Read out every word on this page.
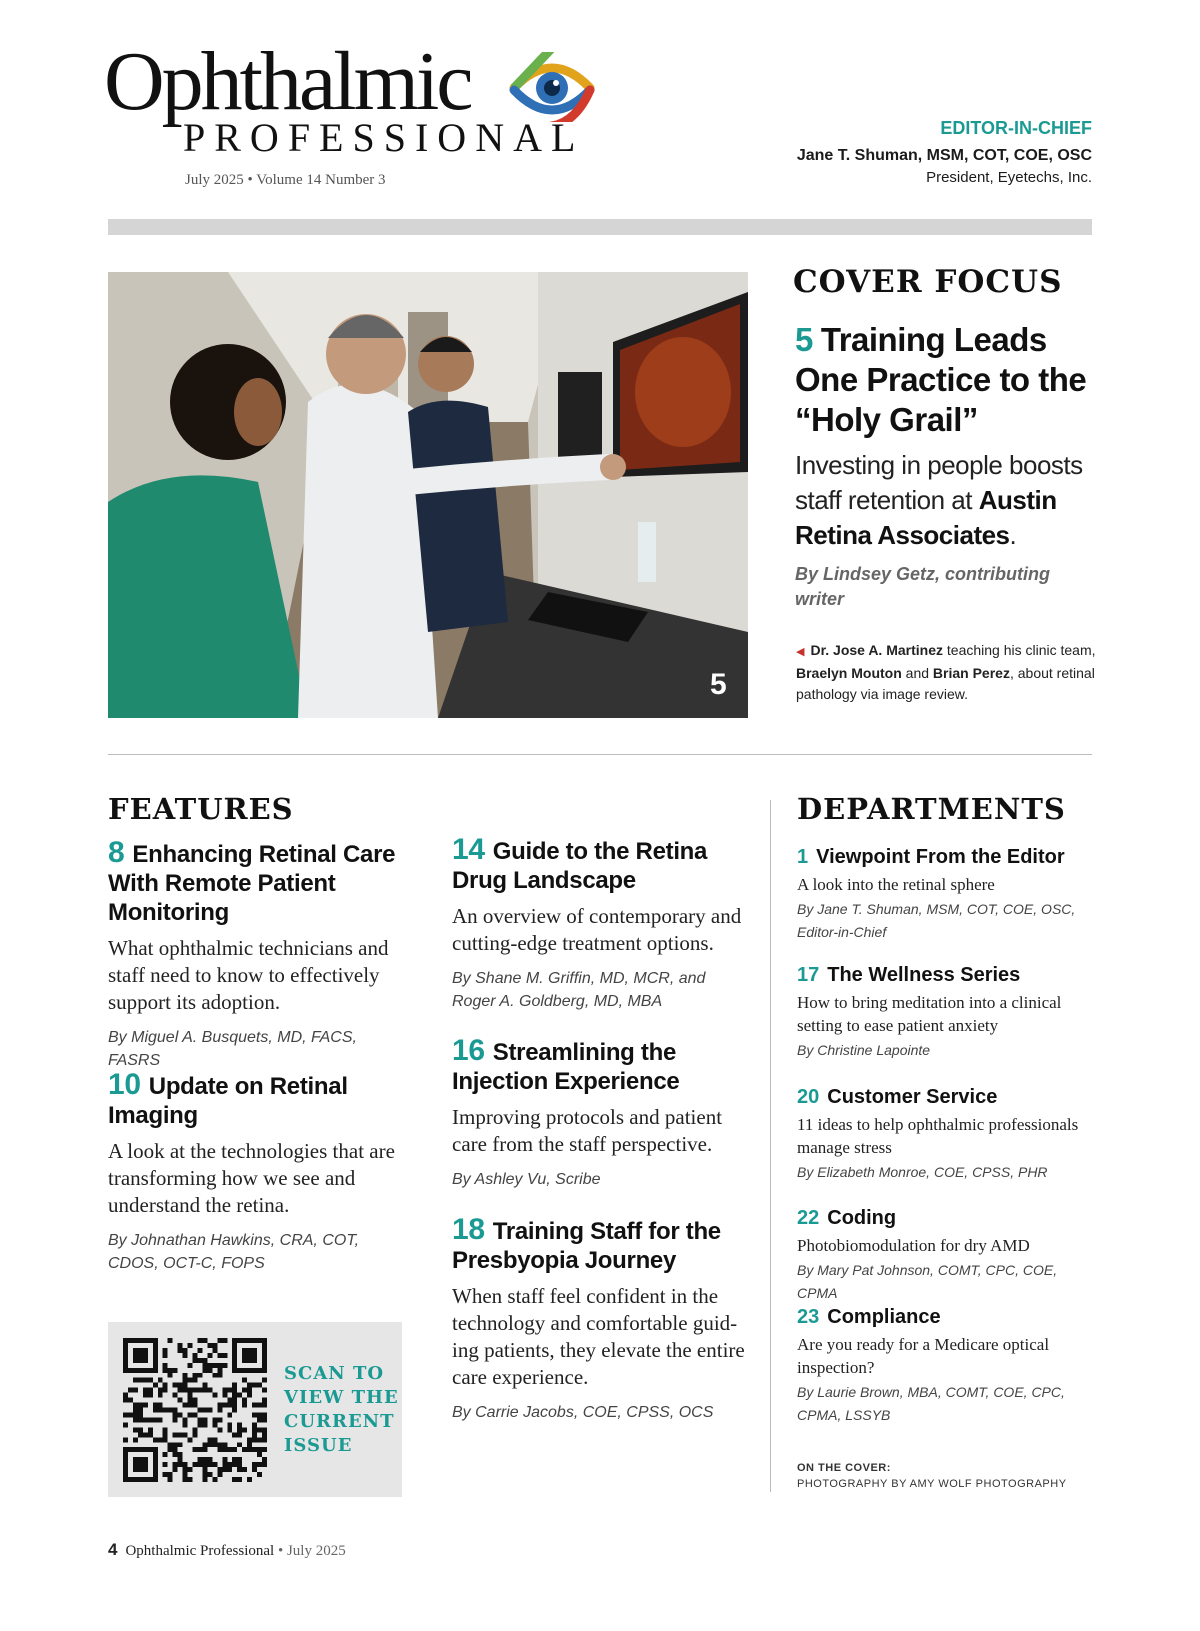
Ophthalmic
PROFESSIONAL
July 2025 • Volume 14 Number 3
EDITOR-IN-CHIEF
Jane T. Shuman, MSM, COT, COE, OSC
President, Eyetechs, Inc.
5
COVER FOCUS
5 Training Leads One Practice to the “Holy Grail”
Investing in people boosts staff retention at Austin Retina Associates.
By Lindsey Getz, contributing writer
◀ Dr. Jose A. Martinez teaching his clinic team, Braelyn Mouton and Brian Perez, about retinal pathology via image review.
FEATURES
8 Enhancing Retinal Care With Remote Patient Monitoring
What ophthalmic technicians and staff need to know to effectively support its adoption.
By Miguel A. Busquets, MD, FACS, FASRS
10 Update on Retinal Imaging
A look at the technologies that are transforming how we see and understand the retina.
By Johnathan Hawkins, CRA, COT, CDOS, OCT-C, FOPS
14 Guide to the Retina Drug Landscape
An overview of contemporary and cutting-edge treatment options.
By Shane M. Griffin, MD, MCR, and Roger A. Goldberg, MD, MBA
16 Streamlining the Injection Experience
Improving protocols and patient care from the staff perspective.
By Ashley Vu, Scribe
18 Training Staff for the Presbyopia Journey
When staff feel confident in the technology and comfortable guid-ing patients, they elevate the entire care experience.
By Carrie Jacobs, COE, CPSS, OCS
SCAN TO
VIEW THE
CURRENT
ISSUE
DEPARTMENTS
1 Viewpoint From the Editor
A look into the retinal sphere
By Jane T. Shuman, MSM, COT, COE, OSC, Editor-in-Chief
17 The Wellness Series
How to bring meditation into a clinical setting to ease patient anxiety
By Christine Lapointe
20 Customer Service
11 ideas to help ophthalmic professionals manage stress
By Elizabeth Monroe, COE, CPSS, PHR
22 Coding
Photobiomodulation for dry AMD
By Mary Pat Johnson, COMT, CPC, COE, CPMA
23 Compliance
Are you ready for a Medicare optical inspection?
By Laurie Brown, MBA, COMT, COE, CPC, CPMA, LSSYB
ON THE COVER:
PHOTOGRAPHY BY AMY WOLF PHOTOGRAPHY
4 Ophthalmic Professional • July 2025
